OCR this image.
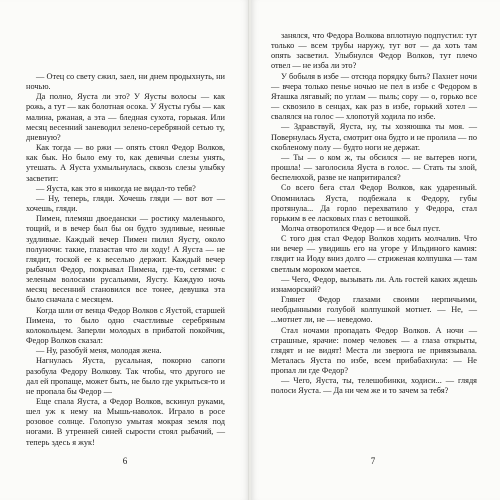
— Отец со свету сжил, заел, ни днем продыхнуть, ни ночью.

Да полно, Яуста ли это? У Яусты волосы — как рожь, а тут — как болотная осока. У Яусты губы — как малина, ржаная, а эта — бледная сухота, горькая. Или месяц весенний заневодил зелено-серебряной сетью ту, дневную?

Как тогда — во ржи — опять стоял Федор Волков, как бык. Но было ему то, как девичьи слезы унять, утешать. А Яуста ухмыльнулась, сквозь слезы улыбку засветит:

— Яуста, как это я никогда не видал-то тебя?

— Ну, теперь, гляди. Хочешь гляди — вот вот — хочешь, гляди.

Пимен, племяш двоедански — ростику маленького, тощий, и в вечер был бы он будто зудливые, неиные зудливые. Каждый вечер Пимен пилил Яусту, около полуночи: такие, глазастая что ли ходу! А Яуста — не глядит, тоской ее к веселью держит. Каждый вечер рыбачил Федор, покрывал Пимена, где-то, сетями: с зеленым волосами русальими, Яусту. Каждую ночь месяц весенний становился все тонее, девушка эта было сначала с месяцем.

Когда шли от венца Федор Волков с Яустой, старшей Пимена, то было одно счастливые серебряным колокольцем. Заперли молодых в прибатой покойчик, Федор Волков сказал:

— Ну, разобуй меня, молодая жена.

Нагнулась Яуста, русальная, покорно сапоги разобула Федору Волкову. Так чтобы, что другого не дал ей пропаще, может быть, не было где укрыться-то и не пропала бы Федор —

Еще спала Яуста, а Федор Волков, вскинул руками, шел уж к нему на Мышь-наволок. Играло в росе розовое солнце. Голопузо умытая мокрая земля под ногами. В утренней синей сырости стоял рыбачий, — теперь здесь я жук!

6

занялся, что Федора Волкова вплотную подпустил: тут только — всем трубы наружу, тут вот — да хоть там опять засветил. Улыбнулся Федор Волков, тут плечо отвел — не изба ли это?

У бобыля в избе — отсюда порядку быть? Пахнет ночи — вчера только пенье ночью не пел в избе с Федором в Яташка лягавый; по углам — пыль; сору — о, горько все — сквозило в сенцах, как раз в избе, горький хотел — свалялся на голос — хлопотуй ходила по избе.

— Здравствуй, Яуста, ну, ты хозяюшка ты моя. — Повернулась Яуста, смотрит она будто и не пролила — по скобленому полу — будто ноги не держат.

— Ты — о ком ж, ты обсился — не вытерев ноги, прошла! — заголосила Яуста в голос. — Стать ты злой, беспелюхой, разве не напритирался?

Со всего бега стал Федор Волков, как ударенный. Опомнилась Яуста, подбежала к Федору, губы протянула... Да горло перехватило у Федора, стал горьким в ее ласковых глаз с ветошкой.

Молча отворотился Федор — и все был пуст.

С того дня стал Федор Волков ходить молчалив. Что ни вечер — увидишь его на угоре у Ильдиного камня: глядит на Иоду вниз долго — стриженая колпушка — там светлым мороком мается.

— Чего, Федор, вызывать ли. Аль гостей каких ждешь изнаморский?

Глянет Федор глазами своими нерпичьими, необдынными голубой колпушкой мотнет. — Не, — ...мотнет ли, не — неведомо.

Стал ночами пропадать Федор Волков. А ночи — страшные, ярачие: помер человек — а глаза открыты, глядят и не видят! Места ли зверюга не привязывала. Металась Яуста по избе, всем прибабахнула: — Не пропал ли где Федор?

— Чего, Яуста, ты, телешобинки, ходиси... — глядя полоси Яуста. — Да ни чем же и то зачем за тебя?

7
